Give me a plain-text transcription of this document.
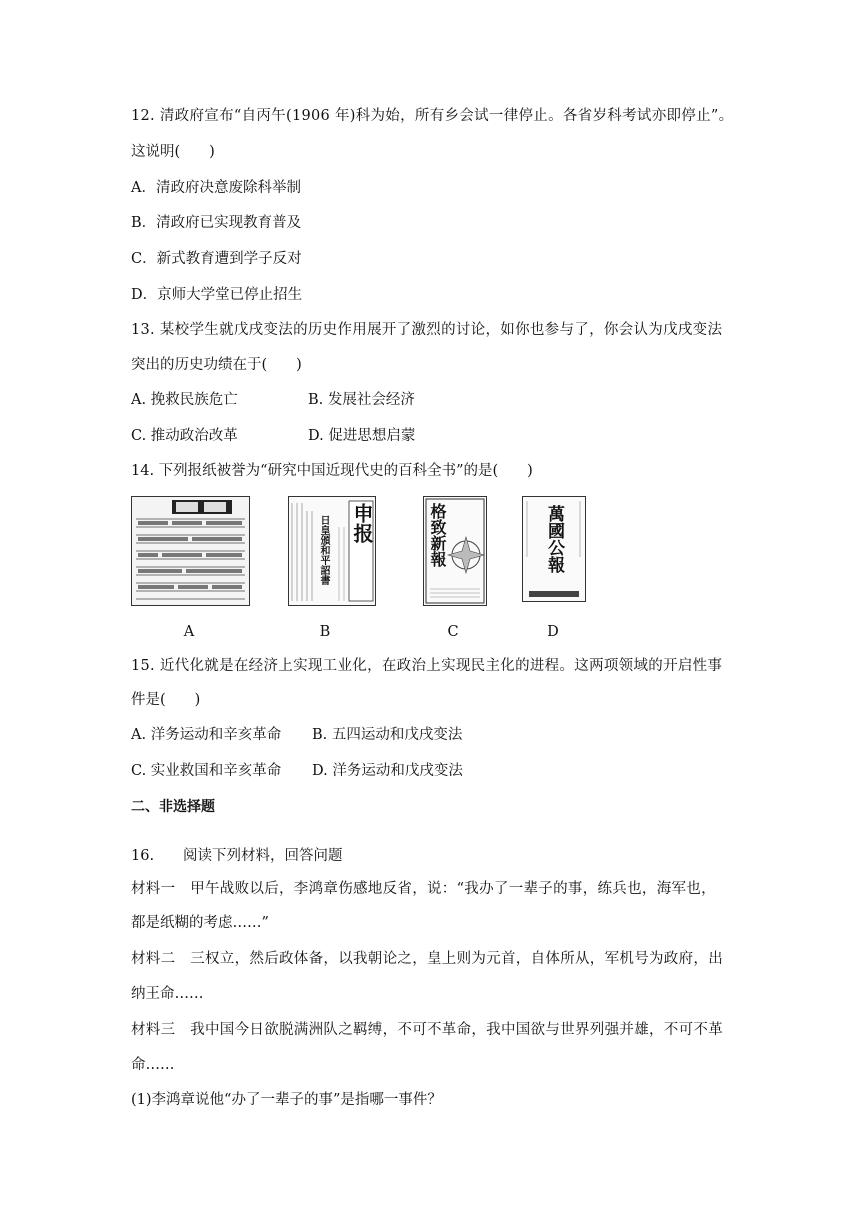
12. 清政府宣布“自丙午(1906 年)科为始，所有乡会试一律停止。各省岁科考试亦即停止”。
这说明(　　)
A．清政府决意废除科举制
B．清政府已实现教育普及
C．新式教育遭到学子反对
D．京师大学堂已停止招生
13. 某校学生就戊戌变法的历史作用展开了激烈的讨论，如你也参与了，你会认为戊戌变法
突出的历史功绩在于(　　)
A. 挽救民族危亡	B. 发展社会经济
C. 推动政治改革	D. 促进思想启蒙
14. 下列报纸被誉为“研究中国近现代史的百科全书”的是(　　)
申报
日皇頒和平詔書	格致新報	萬國公報
A	B	C	D
15. 近代化就是在经济上实现工业化，在政治上实现民主化的进程。这两项领域的开启性事
件是(　　)
A. 洋务运动和辛亥革命 B. 五四运动和戊戌变法
C. 实业救国和辛亥革命 D. 洋务运动和戊戌变法
二、非选择题
16.　　阅读下列材料，回答问题
材料一　甲午战败以后，李鸿章伤感地反省，说：“我办了一辈子的事，练兵也，海军也，
都是纸糊的考虑……”
材料二　三权立，然后政体备，以我朝论之，皇上则为元首，自体所从，军机号为政府，出
纳王命……
材料三　我中国今日欲脱满洲队之羁缚，不可不革命，我中国欲与世界列强并雄，不可不革
命……
(1)李鸿章说他“办了一辈子的事”是指哪一事件？
